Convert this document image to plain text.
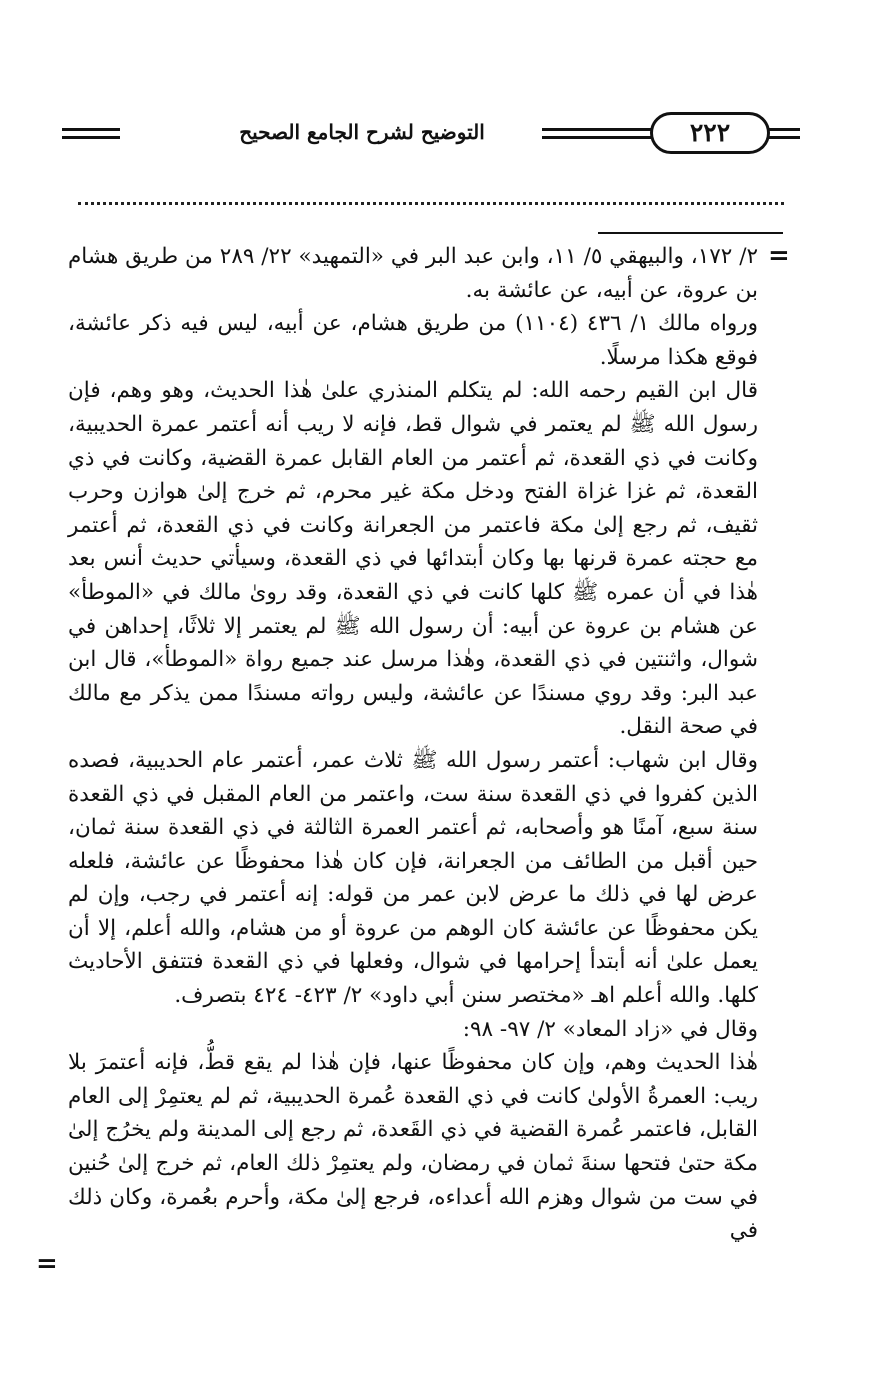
التوضيح لشرح الجامع الصحيح	٢٢٢
=

٢/ ١٧٢، والبيهقي ٥/ ١١، وابن عبد البر في «التمهيد» ٢٢/ ٢٨٩ من طريق هشام بن عروة، عن أبيه، عن عائشة به.

ورواه مالك ١/ ٤٣٦ (١١٠٤) من طريق هشام، عن أبيه، ليس فيه ذكر عائشة، فوقع هكذا مرسلًا.

قال ابن القيم رحمه الله: لم يتكلم المنذري علىٰ هٰذا الحديث، وهو وهم، فإن رسول الله ﷺ لم يعتمر في شوال قط، فإنه لا ريب أنه أعتمر عمرة الحديبية، وكانت في ذي القعدة، ثم أعتمر من العام القابل عمرة القضية، وكانت في ذي القعدة، ثم غزا غزاة الفتح ودخل مكة غير محرم، ثم خرج إلىٰ هوازن وحرب ثقيف، ثم رجع إلىٰ مكة فاعتمر من الجعرانة وكانت في ذي القعدة، ثم أعتمر مع حجته عمرة قرنها بها وكان أبتدائها في ذي القعدة، وسيأتي حديث أنس بعد هٰذا في أن عمره ﷺ كلها كانت في ذي القعدة، وقد روىٰ مالك في «الموطأ» عن هشام بن عروة عن أبيه: أن رسول الله ﷺ لم يعتمر إلا ثلاثًا، إحداهن في شوال، واثنتين في ذي القعدة، وهٰذا مرسل عند جميع رواة «الموطأ»، قال ابن عبد البر: وقد روي مسندًا عن عائشة، وليس رواته مسندًا ممن يذكر مع مالك في صحة النقل.

وقال ابن شهاب: أعتمر رسول الله ﷺ ثلاث عمر، أعتمر عام الحديبية، فصده الذين كفروا في ذي القعدة سنة ست، واعتمر من العام المقبل في ذي القعدة سنة سبع، آمنًا هو وأصحابه، ثم أعتمر العمرة الثالثة في ذي القعدة سنة ثمان، حين أقبل من الطائف من الجعرانة، فإن كان هٰذا محفوظًا عن عائشة، فلعله عرض لها في ذلك ما عرض لابن عمر من قوله: إنه أعتمر في رجب، وإن لم يكن محفوظًا عن عائشة كان الوهم من عروة أو من هشام، والله أعلم، إلا أن يعمل علىٰ أنه أبتدأ إحرامها في شوال، وفعلها في ذي القعدة فتتفق الأحاديث كلها. والله أعلم اهـ «مختصر سنن أبي داود» ٢/ ٤٢٣- ٤٢٤ بتصرف.

وقال في «زاد المعاد» ٢/ ٩٧- ٩٨:

هٰذا الحديث وهم، وإن كان محفوظًا عنها، فإن هٰذا لم يقع قطُّ، فإنه أعتمرَ بلا ريب: العمرةُ الأولىٰ كانت في ذي القعدة عُمرة الحديبية، ثم لم يعتمِرْ إلى العام القابل، فاعتمر عُمرة القضية في ذي القَعدة، ثم رجع إلى المدينة ولم يخرُج إلىٰ مكة حتىٰ فتحها سنةَ ثمان في رمضان، ولم يعتمِرْ ذلك العام، ثم خرج إلىٰ حُنين في ست من شوال وهزم الله أعداءه، فرجع إلىٰ مكة، وأحرم بعُمرة، وكان ذلك في

=
